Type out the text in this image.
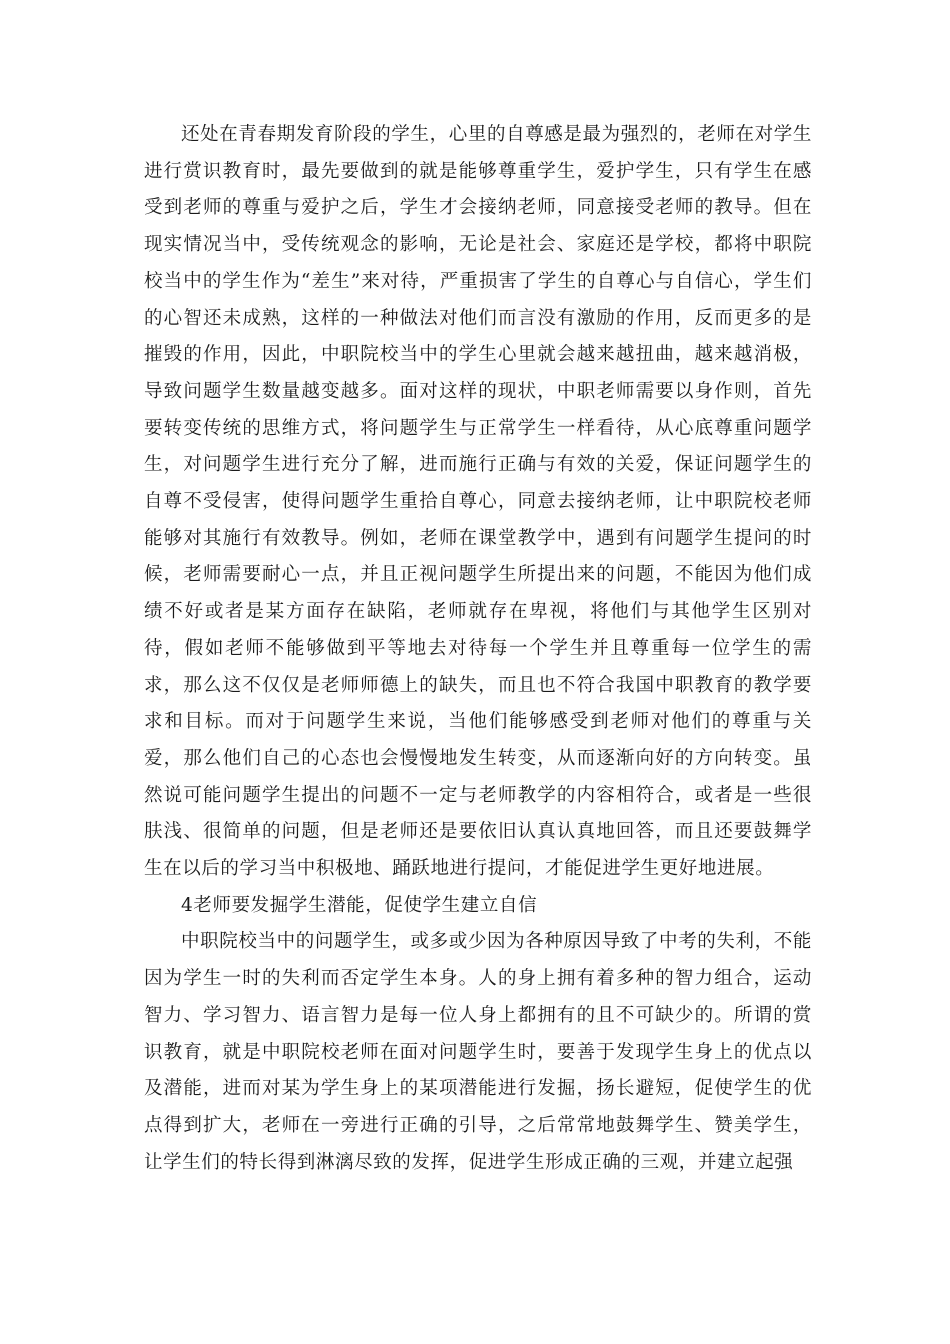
还处在青春期发育阶段的学生，心里的自尊感是最为强烈的，老师在对学生进行赏识教育时，最先要做到的就是能够尊重学生，爱护学生，只有学生在感受到老师的尊重与爱护之后，学生才会接纳老师，同意接受老师的教导。但在现实情况当中，受传统观念的影响，无论是社会、家庭还是学校，都将中职院校当中的学生作为“差生”来对待，严重损害了学生的自尊心与自信心，学生们的心智还未成熟，这样的一种做法对他们而言没有激励的作用，反而更多的是摧毁的作用，因此，中职院校当中的学生心里就会越来越扭曲，越来越消极，导致问题学生数量越变越多。面对这样的现状，中职老师需要以身作则，首先要转变传统的思维方式，将问题学生与正常学生一样看待，从心底尊重问题学生，对问题学生进行充分了解，进而施行正确与有效的关爱，保证问题学生的自尊不受侵害，使得问题学生重拾自尊心，同意去接纳老师，让中职院校老师能够对其施行有效教导。例如，老师在课堂教学中，遇到有问题学生提问的时候，老师需要耐心一点，并且正视问题学生所提出来的问题，不能因为他们成绩不好或者是某方面存在缺陷，老师就存在卑视，将他们与其他学生区别对待，假如老师不能够做到平等地去对待每一个学生并且尊重每一位学生的需求，那么这不仅仅是老师师德上的缺失，而且也不符合我国中职教育的教学要求和目标。而对于问题学生来说，当他们能够感受到老师对他们的尊重与关爱，那么他们自己的心态也会慢慢地发生转变，从而逐渐向好的方向转变。虽然说可能问题学生提出的问题不一定与老师教学的内容相符合，或者是一些很肤浅、很简单的问题，但是老师还是要依旧认真认真地回答，而且还要鼓舞学生在以后的学习当中积极地、踊跃地进行提问，才能促进学生更好地进展。

4老师要发掘学生潜能，促使学生建立自信

中职院校当中的问题学生，或多或少因为各种原因导致了中考的失利，不能因为学生一时的失利而否定学生本身。人的身上拥有着多种的智力组合，运动智力、学习智力、语言智力是每一位人身上都拥有的且不可缺少的。所谓的赏识教育，就是中职院校老师在面对问题学生时，要善于发现学生身上的优点以及潜能，进而对某为学生身上的某项潜能进行发掘，扬长避短，促使学生的优点得到扩大，老师在一旁进行正确的引导，之后常常地鼓舞学生、赞美学生，让学生们的特长得到淋漓尽致的发挥，促进学生形成正确的三观，并建立起强
